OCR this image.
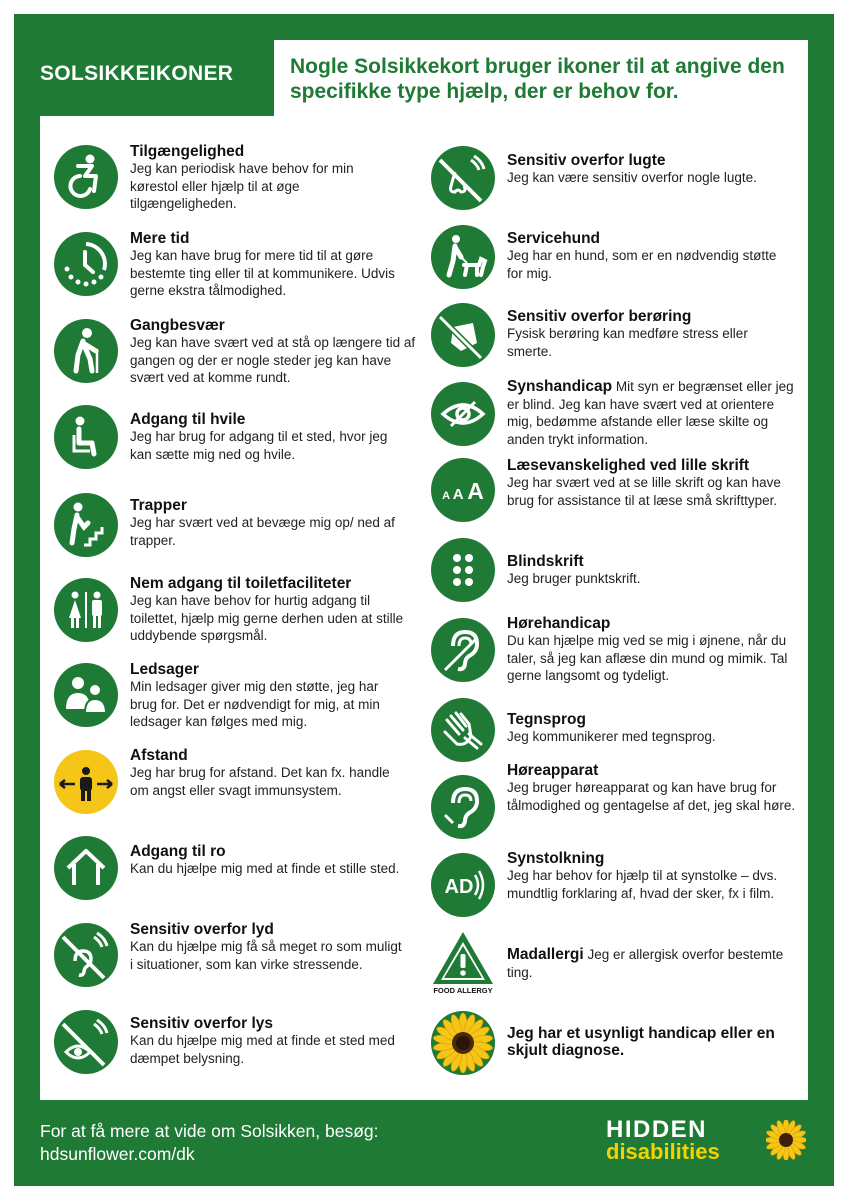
SOLSIKKEIKONER	Nogle Solsikkekort bruger ikoner til at angive den specifikke type hjælp, der er behov for.
Tilgængelighed
Jeg kan periodisk have behov for min kørestol eller hjælp til at øge tilgængeligheden.
Mere tid
Jeg kan have brug for mere tid til at gøre bestemte ting eller til at kommunikere. Udvis gerne ekstra tålmodighed.
Gangbesvær
Jeg kan have svært ved at stå op længere tid af gangen og der er nogle steder jeg kan have svært ved at komme rundt.
Adgang til hvile
Jeg har brug for adgang til et sted, hvor jeg kan sætte mig ned og hvile.
Trapper
Jeg har svært ved at bevæge mig op/ ned af trapper.
Nem adgang til toiletfaciliteter
Jeg kan have behov for hurtig adgang til toilettet, hjælp mig gerne derhen uden at stille uddybende spørgsmål.
Ledsager
Min ledsager giver mig den støtte, jeg har brug for. Det er nødvendigt for mig, at min ledsager kan følges med mig.
Afstand
Jeg har brug for afstand. Det kan fx. handle om angst eller svagt immunsystem.
Adgang til ro
Kan du hjælpe mig med at finde et stille sted.
Sensitiv overfor lyd
Kan du hjælpe mig få så meget ro som muligt i situationer, som kan virke stressende.
Sensitiv overfor lys
Kan du hjælpe mig med at finde et sted med dæmpet belysning.
Sensitiv overfor lugte
Jeg kan være sensitiv overfor nogle lugte.
Servicehund
Jeg har en hund, som er en nødvendig støtte for mig.
Sensitiv overfor berøring
Fysisk berøring kan medføre stress eller smerte.
Synshandicap Mit syn er begrænset eller jeg er blind. Jeg kan have svært ved at orientere mig, bedømme afstande eller læse skilte og anden trykt information.
A A A
Læsevanskelighed ved lille skrift
Jeg har svært ved at se lille skrift og kan have brug for assistance til at læse små skrifttyper.
Blindskrift
Jeg bruger punktskrift.
Hørehandicap
Du kan hjælpe mig ved se mig i øjnene, når du taler, så jeg kan aflæse din mund og mimik. Tal gerne langsomt og tydeligt.
Tegnsprog
Jeg kommunikerer med tegnsprog.
Høreapparat
Jeg bruger høreapparat og kan have brug for tålmodighed og gentagelse af det, jeg skal høre.
AD
Synstolkning
Jeg har behov for hjælp til at synstolke – dvs. mundtlig forklaring af, hvad der sker, fx i film.
FOOD ALLERGY
Madallergi Jeg er allergisk overfor bestemte ting.
Jeg har et usynligt handicap eller en skjult diagnose.
For at få mere at vide om Solsikken, besøg:
hdsunflower.com/dk
HIDDEN
disabilities
